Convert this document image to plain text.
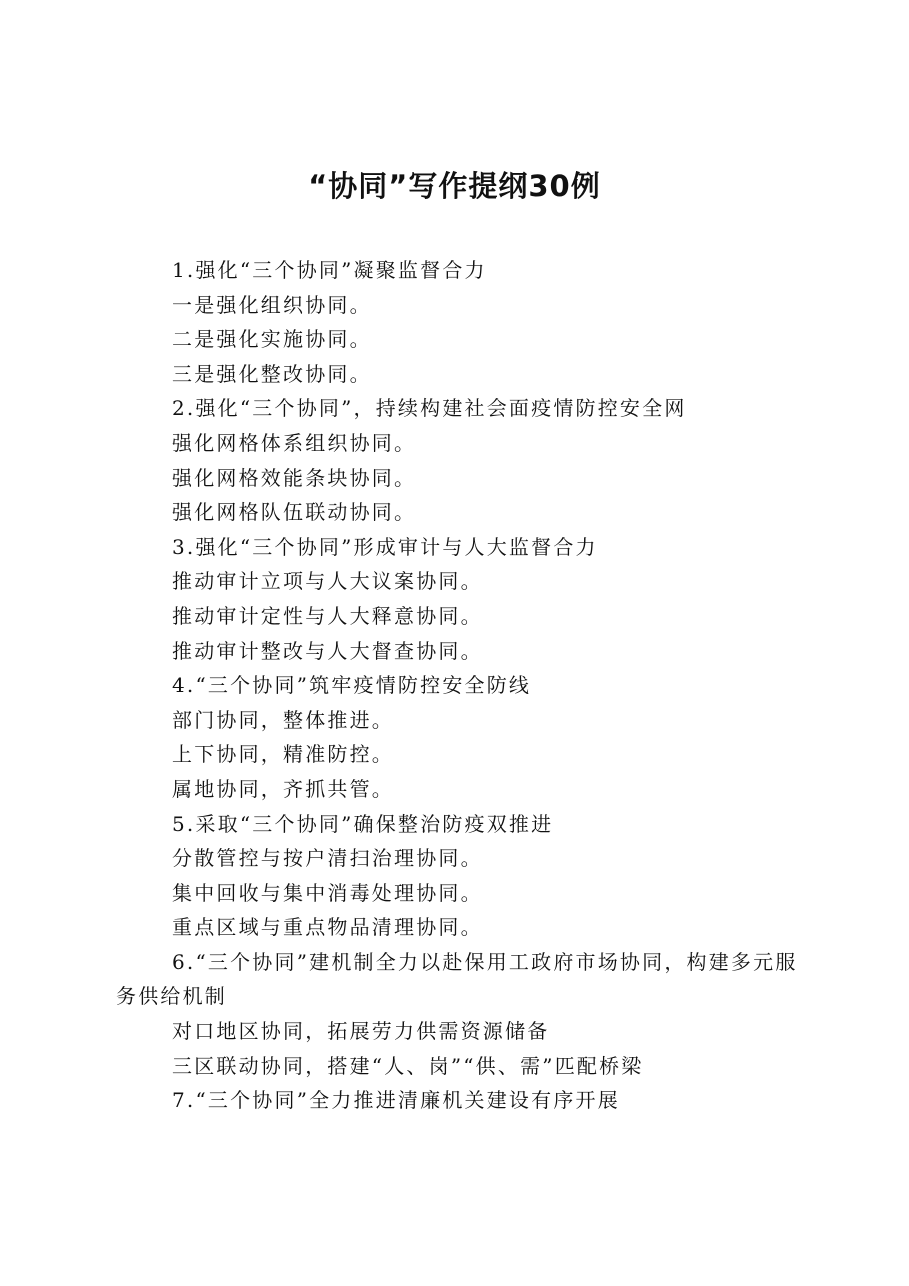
“协同”写作提纲30例

1.强化“三个协同”凝聚监督合力

一是强化组织协同。

二是强化实施协同。

三是强化整改协同。

2.强化“三个协同”，持续构建社会面疫情防控安全网

强化网格体系组织协同。

强化网格效能条块协同。

强化网格队伍联动协同。

3.强化“三个协同”形成审计与人大监督合力

推动审计立项与人大议案协同。

推动审计定性与人大释意协同。

推动审计整改与人大督查协同。

4.“三个协同”筑牢疫情防控安全防线

部门协同，整体推进。

上下协同，精准防控。

属地协同，齐抓共管。

5.采取“三个协同”确保整治防疫双推进

分散管控与按户清扫治理协同。

集中回收与集中消毒处理协同。

重点区域与重点物品清理协同。

6.“三个协同”建机制全力以赴保用工政府市场协同，构建多元服务供给机制

对口地区协同，拓展劳力供需资源储备

三区联动协同，搭建“人、岗”“供、需”匹配桥梁

7.“三个协同”全力推进清廉机关建设有序开展
